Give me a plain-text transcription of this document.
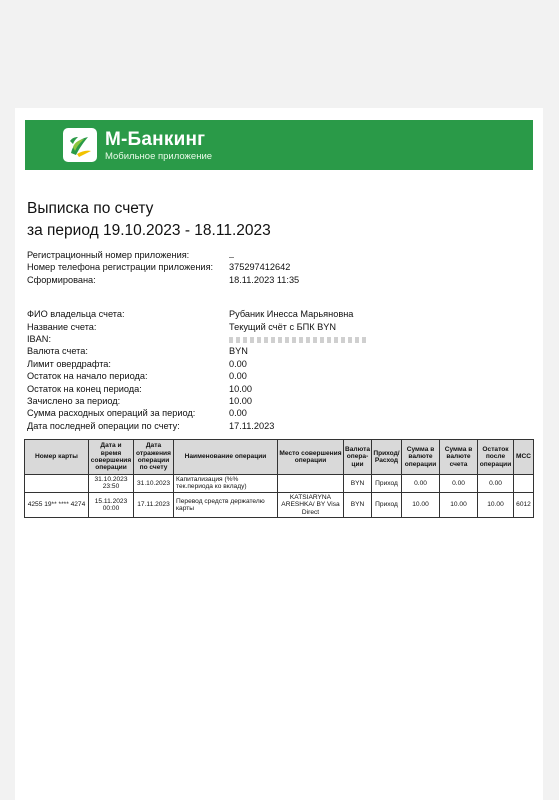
М-Банкинг
Мобильное приложение
Выписка по счету
за период 19.10.2023 - 18.11.2023
Регистрационный номер приложения:
Номер телефона регистрации приложения: 375297412642
Сформирована:	18.11.2023 11:35
ФИО владельца счета:	Рубаник Инесса Марьяновна
Название счета:	Текущий счёт с БПК BYN
IBAN:
Валюта счета:	BYN
Лимит овердрафта:	0.00
Остаток на начало периода:	0.00
Остаток на конец периода:	10.00
Зачислено за период:	10.00
Сумма расходных операций за период:	0.00
Дата последней операции по счету:	17.11.2023
Номер карты	Дата и время совершения операции	Дата отражения операции по счету	Наименование операции	Место совершения операции	Валюта опера-ции	Приход/ Расход	Сумма в валюте операции	Сумма в валюте счета	Остаток после операции	MCC
	31.10.2023 23:50	31.10.2023	Капитализация (%% тек.периода ко вкладу)		BYN	Приход	0.00	0.00	0.00	
4255 19** **** 4274	15.11.2023 00:00	17.11.2023	Перевод средств держателю карты	KATSIARYNA ARESHKA/ BY Visa Direct	BYN	Приход	10.00	10.00	10.00	6012
